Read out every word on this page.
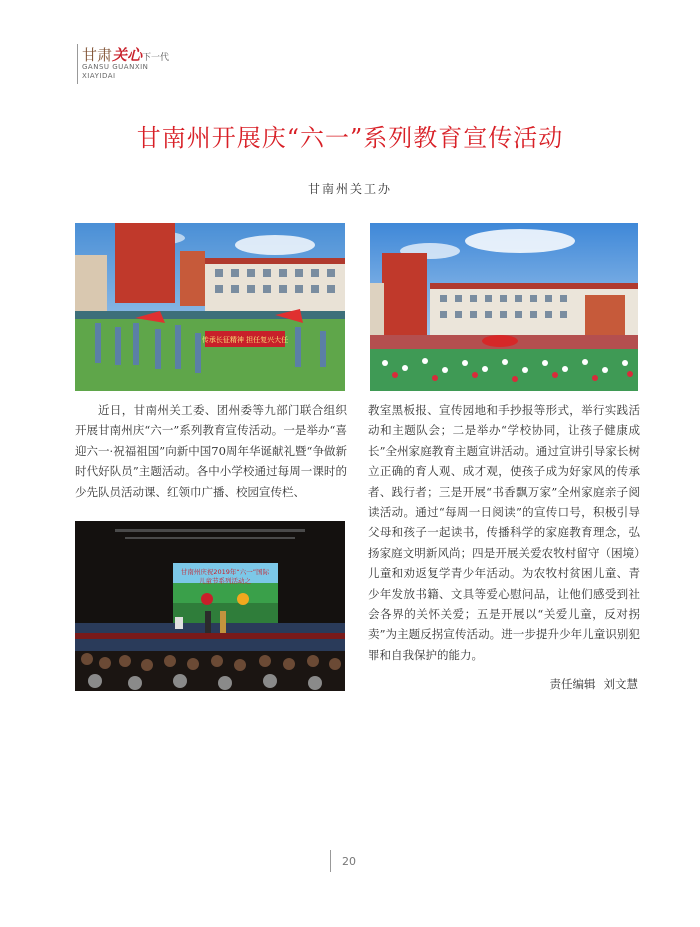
甘肃关心下一代
GANSU GUANXIN
XIAYIDAI
甘南州开展庆“六一”系列教育宣传活动
甘南州关工办
传承长征精神 担任复兴大任
甘南州庆祝2019年“六一”国际
儿童节系列活动之
近日，甘南州关工委、团州委等九部门联合组织开展甘南州庆“六一”系列教育宣传活动。一是举办“喜迎六一·祝福祖国”向新中国70周年华诞献礼暨“争做新时代好队员”主题活动。各中小学校通过每周一课时的少先队员活动课、红领巾广播、校园宣传栏、
教室黑板报、宣传园地和手抄报等形式，举行实践活动和主题队会；二是举办“学校协同，让孩子健康成长”全州家庭教育主题宣讲活动。通过宣讲引导家长树立正确的育人观、成才观，使孩子成为好家风的传承者、践行者；三是开展“书香飘万家”全州家庭亲子阅读活动。通过“每周一日阅读”的宣传口号，积极引导父母和孩子一起读书，传播科学的家庭教育理念，弘扬家庭文明新风尚；四是开展关爱农牧村留守（困境）儿童和劝返复学青少年活动。为农牧村贫困儿童、青少年发放书籍、文具等爱心慰问品，让他们感受到社会各界的关怀关爱；五是开展以“关爱儿童，反对拐卖”为主题反拐宣传活动。进一步提升少年儿童识别犯罪和自我保护的能力。
责任编辑 刘文慧
20
